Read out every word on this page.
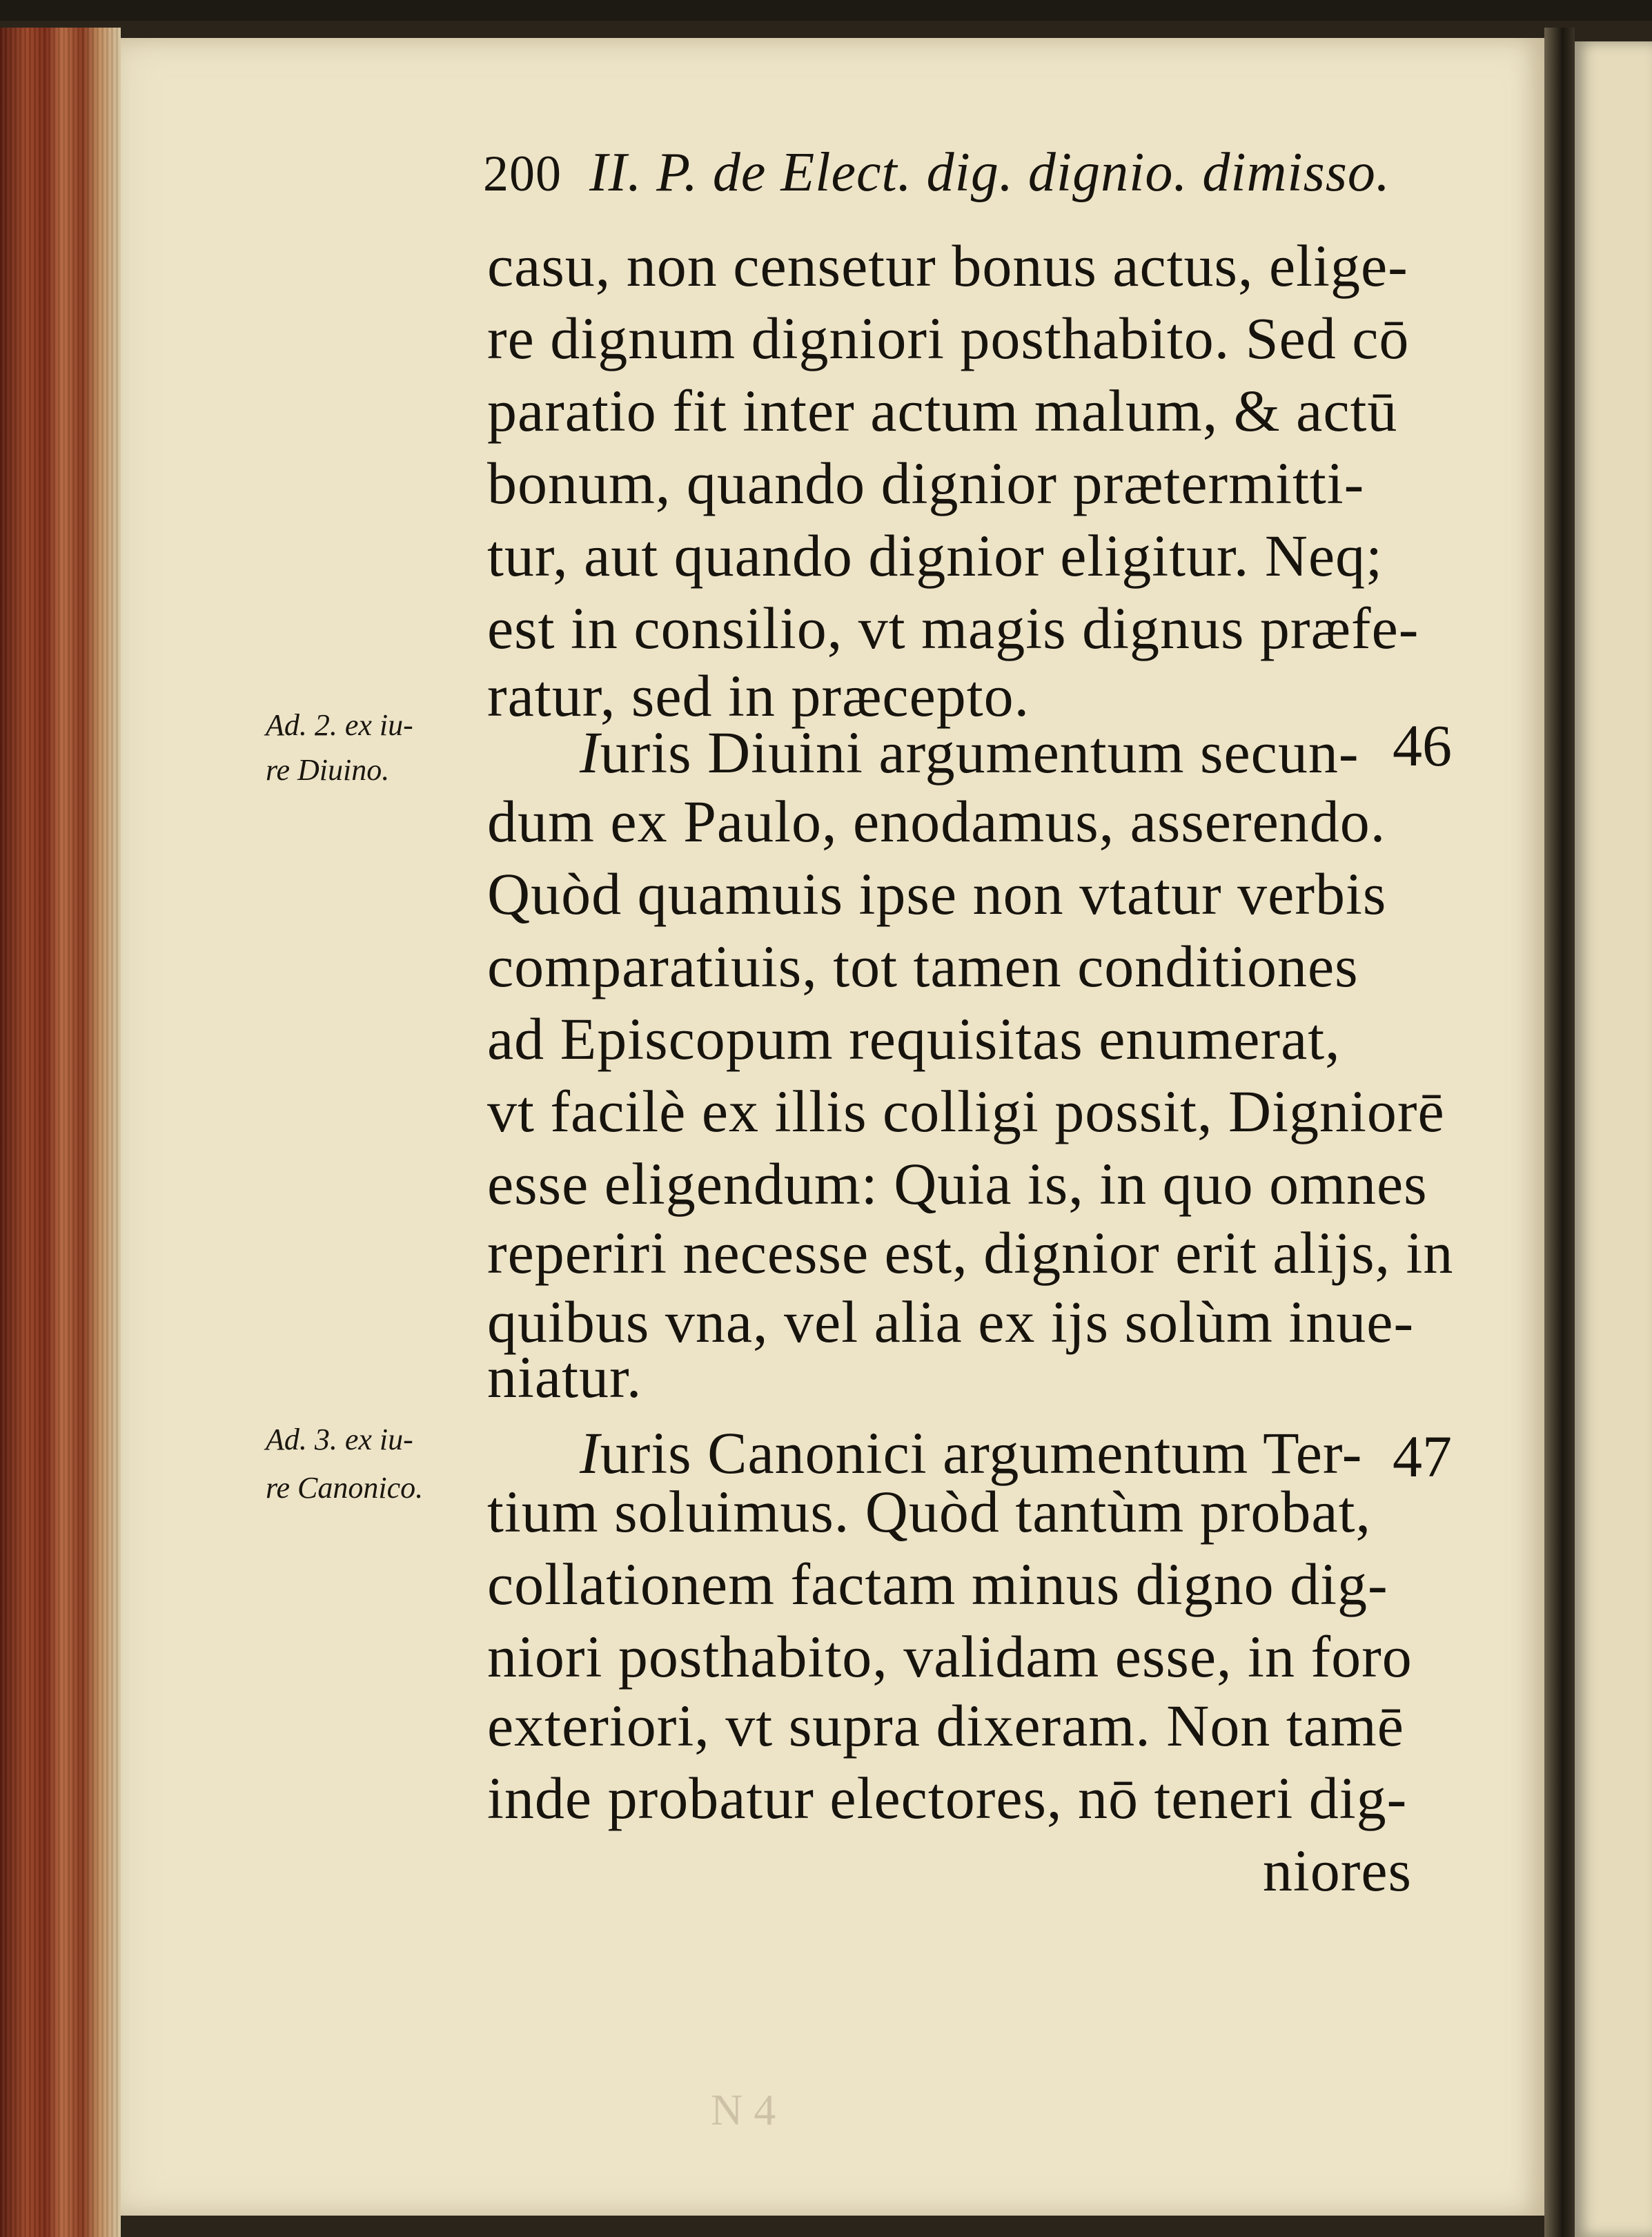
N 4

200 II. P. de Elect. dig. dignio. dimisso.

casu, non censetur bonus actus, elige-

re dignum digniori posthabito. Sed cō

paratio fit inter actum malum, & actū

bonum, quando dignior prætermitti-

tur, aut quando dignior eligitur. Neq;

est in consilio, vt magis dignus præfe-

ratur, sed in præcepto.

Ad. 2. ex iu-

re Diuino.	46

Iuris Diuini argumentum secun-

dum ex Paulo, enodamus, asserendo.

Quòd quamuis ipse non vtatur verbis

comparatiuis, tot tamen conditiones

ad Episcopum requisitas enumerat,

vt facilè ex illis colligi possit, Digniorē

esse eligendum: Quia is, in quo omnes

reperiri necesse est, dignior erit alijs, in

quibus vna, vel alia ex ijs solùm inue-

niatur.

Ad. 3. ex iu-

re Canonico.	47

Iuris Canonici argumentum Ter-

tium soluimus. Quòd tantùm probat,

collationem factam minus digno dig-

niori posthabito, validam esse, in foro

exteriori, vt supra dixeram. Non tamē

inde probatur electores, nō teneri dig-

niores
